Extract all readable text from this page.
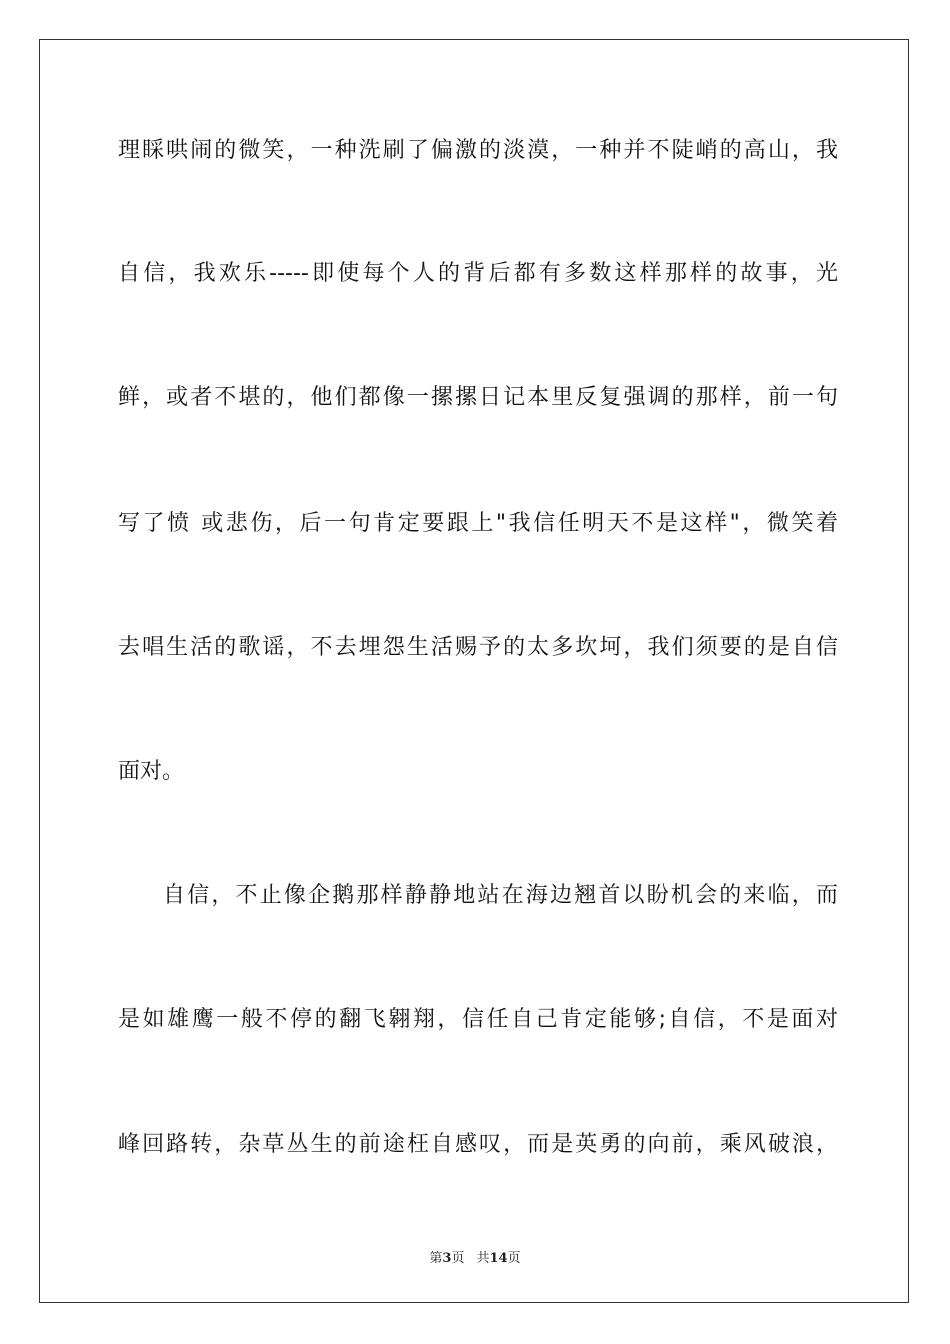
理睬哄闹的微笑，一种洗刷了偏激的淡漠，一种并不陡峭的高山，我
自信，我欢乐-----即使每个人的背后都有多数这样那样的故事，光
鲜，或者不堪的，他们都像一摞摞日记本里反复强调的那样，前一句
写了愤 或悲伤，后一句肯定要跟上"我信任明天不是这样"，微笑着
去唱生活的歌谣，不去埋怨生活赐予的太多坎坷，我们须要的是自信
面对。
自信，不止像企鹅那样静静地站在海边翘首以盼机会的来临，而
是如雄鹰一般不停的翻飞翱翔，信任自己肯定能够;自信，不是面对
峰回路转，杂草丛生的前途枉自感叹，而是英勇的向前，乘风破浪，
第3页 共14页
